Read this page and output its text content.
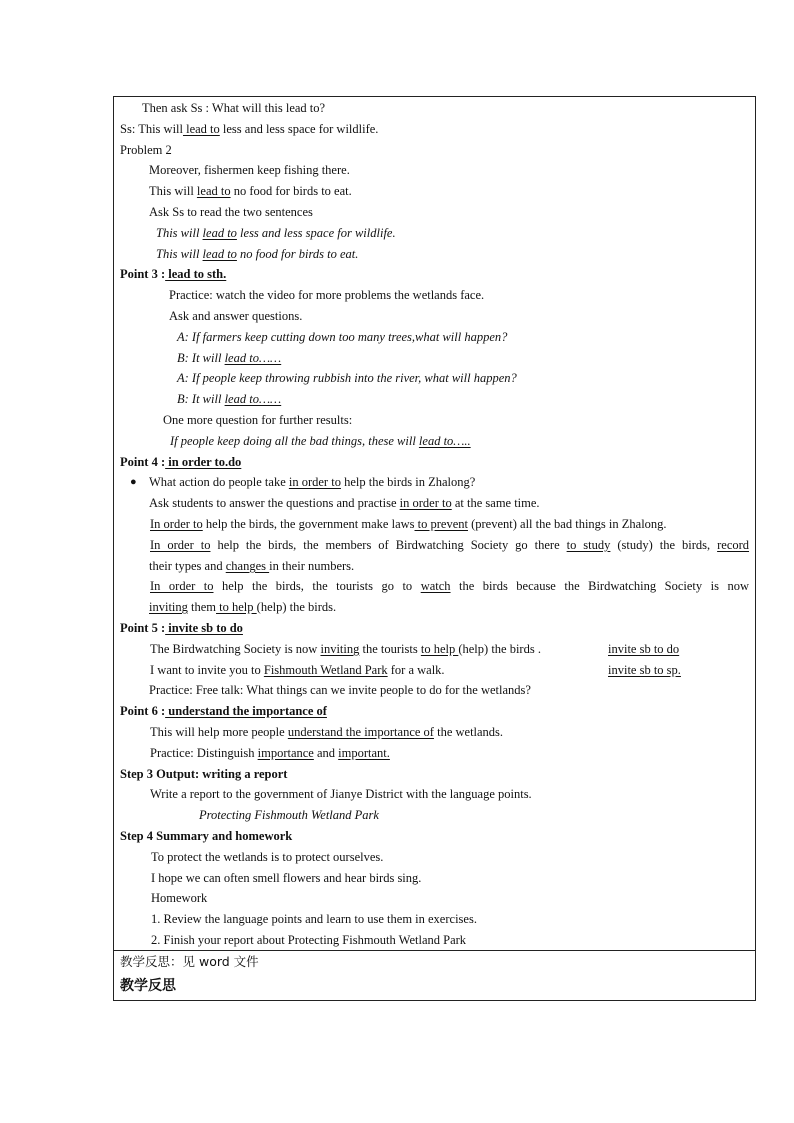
Then ask Ss : What will this lead to?
Ss: This will lead to less and less space for wildlife.
Problem 2
Moreover, fishermen keep fishing there.
This will lead to no food for birds to eat.
Ask Ss to read the two sentences
This will lead to less and less space for wildlife.
This will lead to no food for birds to eat.
Point 3 : lead to sth.
Practice: watch the video for more problems the wetlands face.
Ask and answer questions.
A: If farmers keep cutting down too many trees,what will happen?
B: It will lead to……
A: If people keep throwing rubbish into the river, what will happen?
B: It will lead to……
One more question for further results:
If people keep doing all the bad things, these will lead to…..
Point 4 : in order to.do
● What action do people take in order to help the birds in Zhalong?
Ask students to answer the questions and practise in order to at the same time.
In order to help the birds, the government make laws to prevent (prevent) all the bad things in Zhalong.
In order to help the birds, the members of Birdwatching Society go there to study (study) the birds, record
their types and changes in their numbers.
In order to help the birds, the tourists go to watch the birds because the Birdwatching Society is now
inviting them to help (help) the birds.
Point 5 : invite sb to do
The Birdwatching Society is now inviting the tourists to help (help) the birds .	invite sb to do
I want to invite you to Fishmouth Wetland Park for a walk.	invite sb to sp.
Practice: Free talk: What things can we invite people to do for the wetlands?
Point 6 : understand the importance of
This will help more people understand the importance of the wetlands.
Practice: Distinguish importance and important.
Step 3 Output: writing a report
Write a report to the government of Jianye District with the language points.
Protecting Fishmouth Wetland Park
Step 4 Summary and homework
To protect the wetlands is to protect ourselves.
I hope we can often smell flowers and hear birds sing.
Homework
1. Review the language points and learn to use them in exercises.
2. Finish your report about Protecting Fishmouth Wetland Park
教学反思：见 word 文件
教学反思
